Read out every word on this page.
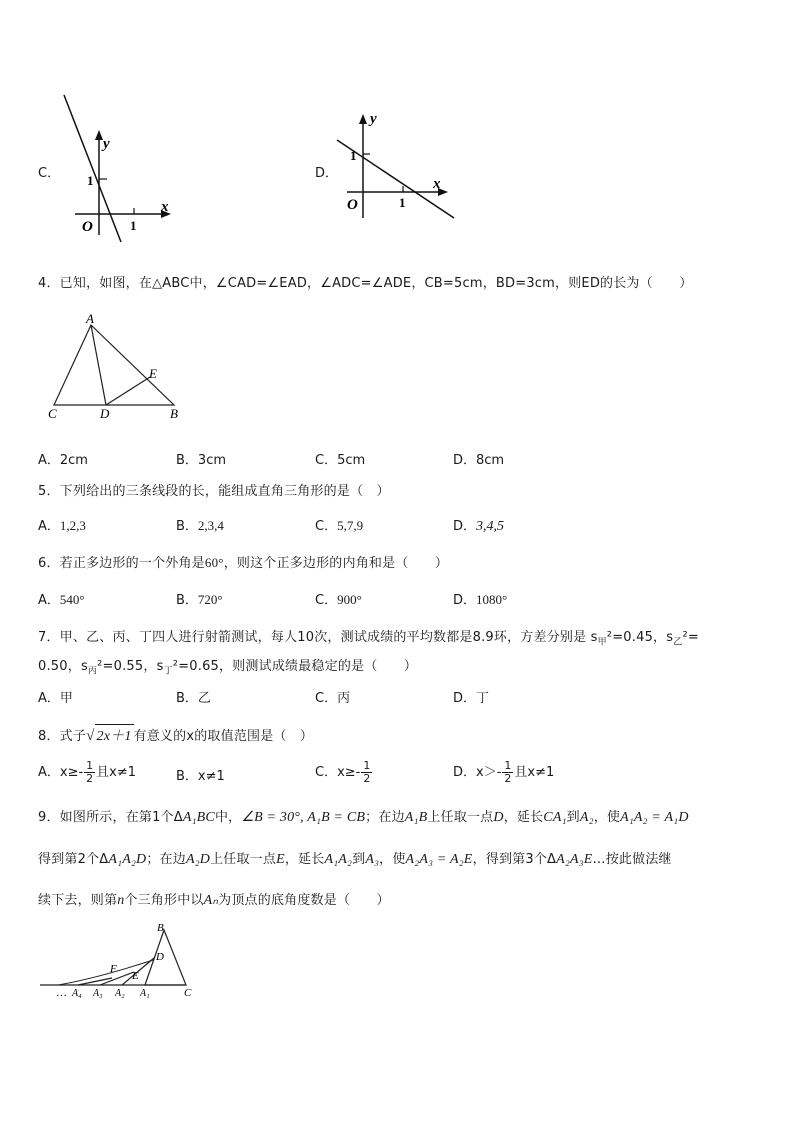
C．
y
x
O
1
1
D．
y
x
O
1
1
4．已知，如图，在△ABC中，∠CAD=∠EAD，∠ADC=∠ADE，CB=5cm，BD=3cm，则ED的长为（　　）
A
E
C	D	B
A．2cm	B．3cm	C．5cm	D．8cm
5．下列给出的三条线段的长，能组成直角三角形的是（　）
A．1,2,3	B．2,3,4	C．5,7,9	D．3,4,5
6．若正多边形的一个外角是60°，则这个正多边形的内角和是（　　）
A．540°	B．720°	C．900°	D．1080°
7．甲、乙、丙、丁四人进行射箭测试，每人10次，测试成绩的平均数都是8.9环，方差分别是 $s_甲^2=0.45$，$s_乙^2=$
0.50，$s_丙^2=0.55$，$s_丁^2=0.65$，则测试成绩最稳定的是（　　）
A．甲	B．乙	C．丙	D．丁
8．式子√ 2x＋1 有意义的x的取值范围是（　）
A．$x\ge- \frac{1}{2}$ 且x≠1	B．x≠1	C．$x\ge- \frac{1}{2}$	D．$x>- \frac{1}{2}$ 且x≠1
9．如图所示，在第1个ΔA₁BC中，∠B = 30°, A₁B = CB；在边A₁B上任取一点D，延长CA₁到A₂，使A₁A₂ = A₁D
得到第2个ΔA₁A₂D；在边A₂D上任取一点E，延长A₁A₂到A₃，使A₂A₃ = A₂E，得到第3个ΔA₂A₃E…按此做法继
续下去，则第n个三角形中以Aₙ为顶点的底角度数是（　　）
B
D
F
E
… A₄ A₃ A₂ A₁	C
